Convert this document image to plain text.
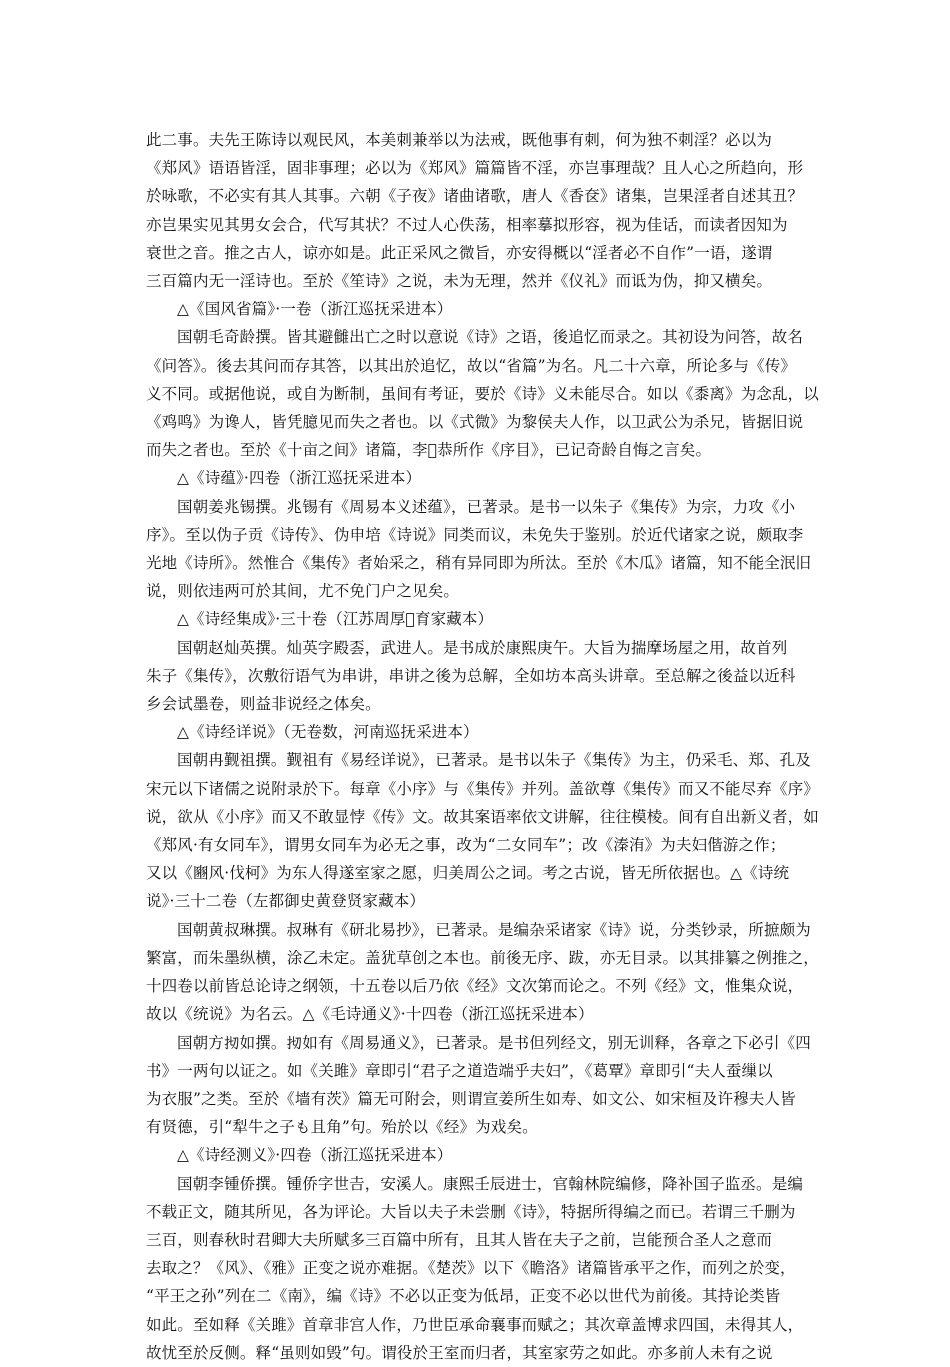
此二事。夫先王陈诗以观民风，本美刺兼举以为法戒，既他事有刺，何为独不刺淫？必以为
《郑风》语语皆淫，固非事理；必以为《郑风》篇篇皆不淫，亦岂事理哉？且人心之所趋向，形
於咏歌，不必实有其人其事。六朝《子夜》诸曲诸歌，唐人《香奁》诸集，岂果淫者自述其丑？
亦岂果实见其男女会合，代写其状？不过人心佚荡，相率摹拟形容，视为佳话，而读者因知为
衰世之音。推之古人，谅亦如是。此正采风之微旨，亦安得概以“淫者必不自作”一语，遂谓
三百篇内无一淫诗也。至於《笙诗》之说，未为无理，然并《仪礼》而诋为伪，抑又横矣。
△《国风省篇》·一卷（浙江巡抚采进本）
国朝毛奇龄撰。皆其避雠出亡之时以意说《诗》之语，後追忆而录之。其初设为问答，故名
《问答》。後去其问而存其答，以其出於追忆，故以“省篇”为名。凡二十六章，所论多与《传》
义不同。或据他说，或自为断制，虽间有考证，要於《诗》义未能尽合。如以《黍离》为念乱，以
《鸡鸣》为谗人，皆凭臆见而失之者也。以《式微》为黎侯夫人作，以卫武公为杀兄，皆据旧说
而失之者也。至於《十亩之间》诸篇，李𡊮恭所作《序目》，已记奇龄自悔之言矣。
△《诗蕴》·四卷（浙江巡抚采进本）
国朝姜兆锡撰。兆锡有《周易本义述蕴》，已著录。是书一以朱子《集传》为宗，力攻《小
序》。至以伪子贡《诗传》、伪申培《诗说》同类而议，未免失于鉴别。於近代诸家之说，颇取李
光地《诗所》。然惟合《集传》者始采之，稍有异同即为所汰。至於《木瓜》诸篇，知不能全泯旧
说，则依违两可於其间，尤不免门户之见矣。
△《诗经集成》·三十卷（江苏周厚𡊮育家藏本）
国朝赵灿英撰。灿英字殿𠀾，武进人。是书成於康熙庚午。大旨为揣摩场屋之用，故首列
朱子《集传》，次敷衍语气为串讲，串讲之後为总解，全如坊本高头讲章。至总解之後益以近科
乡会试墨卷，则益非说经之体矣。
△《诗经详说》（无卷数，河南巡抚采进本）
国朝冉觐祖撰。觐祖有《易经详说》，已著录。是书以朱子《集传》为主，仍采毛、郑、孔及
宋元以下诸儒之说附录於下。每章《小序》与《集传》并列。盖欲尊《集传》而又不能尽弃《序》
说，欲从《小序》而又不敢显悖《传》文。故其案语率依文讲解，往往模棱。间有自出新义者，如
《郑风·有女同车》，谓男女同车为必无之事，改为“二女同车”；改《溱洧》为夫妇偕游之作；
又以《豳风·伐柯》为东人得遂室家之愿，归美周公之词。考之古说，皆无所依据也。△《诗统
说》·三十二卷（左都御史黄登贤家藏本）
国朝黄叔琳撰。叔琳有《研北易抄》，已著录。是编杂采诸家《诗》说，分类钞录，所摭颇为
繁富，而朱墨纵横，涂乙未定。盖犹草创之本也。前後无序、跋，亦无目录。以其排纂之例推之，
十四卷以前皆总论诗之纲领，十五卷以后乃依《经》文次第而论之。不列《经》文，惟集众说，
故以《统说》为名云。△《毛诗通义》·十四卷（浙江巡抚采进本）
国朝方𢪃如撰。𢪃如有《周易通义》，已著录。是书但列经文，别无训释，各章之下必引《四
书》一两句以证之。如《关雎》章即引“君子之道造端乎夫妇”，《葛覃》章即引“夫人蚕缫以
为衣服”之类。至於《墙有茨》篇无可附会，则谓宣姜所生如寿、如文公、如宋桓及许穆夫人皆
有贤德，引“犁牛之子も且角”句。殆於以《经》为戏矣。
△《诗经测义》·四卷（浙江巡抚采进本）
国朝李锺侨撰。锺侨字世𠮷，安溪人。康熙壬辰进士，官翰林院编修，降补国子监丞。是编
不载正文，随其所见，各为评论。大旨以夫子未尝删《诗》，特据所得编之而已。若谓三千删为
三百，则春秋时君卿大夫所赋多三百篇中所有，且其人皆在夫子之前，岂能预合圣人之意而
去取之？《风》、《雅》正变之说亦难据。《楚茨》以下《瞻洛》诸篇皆承平之作，而列之於变，
“平王之孙”列在二《南》，编《诗》不必以正变为低昂，正变不必以世代为前後。其持论类皆
如此。至如释《关雎》首章非宫人作，乃世臣承命襄事而赋之；其次章盖博求四国，未得其人，
故忧至於反侧。释“虽则如毁”句。谓役於王室而归者，其室家劳之如此。亦多前人未有之说
